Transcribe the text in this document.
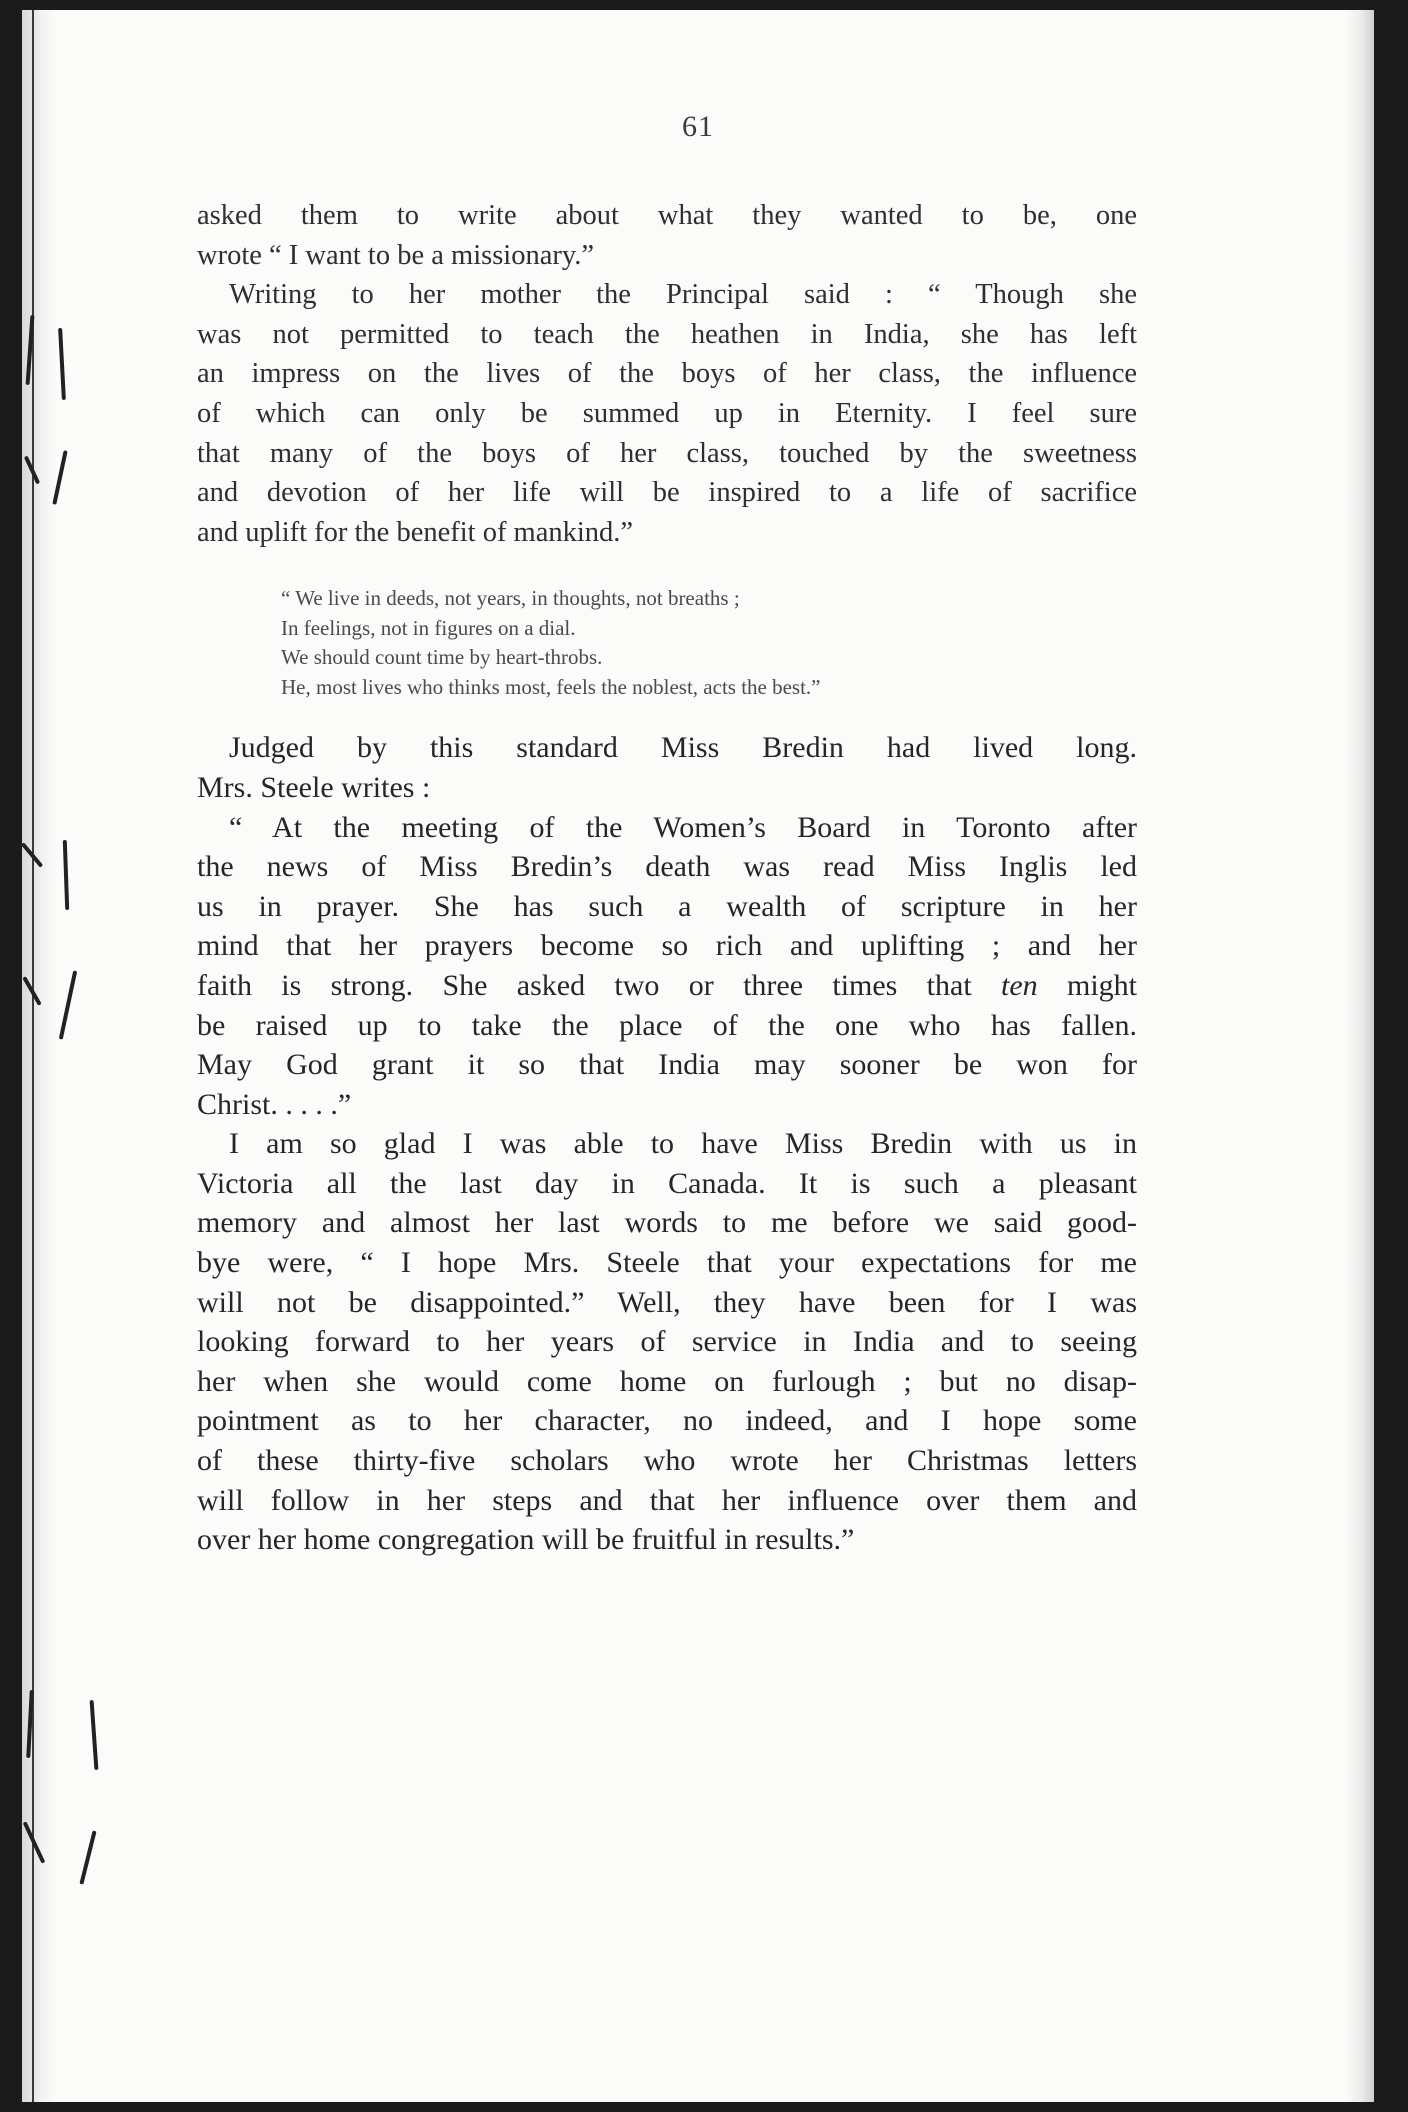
61

asked them to write about what they wanted to be, one
wrote “ I want to be a missionary.”

Writing to her mother the Principal said : “ Though she
was not permitted to teach the heathen in India, she has left
an impress on the lives of the boys of her class, the influence
of which can only be summed up in Eternity. I feel sure
that many of the boys of her class, touched by the sweetness
and devotion of her life will be inspired to a life of sacrifice
and uplift for the benefit of mankind.”

“ We live in deeds, not years, in thoughts, not breaths ;
In feelings, not in figures on a dial.
We should count time by heart-throbs.
He, most lives who thinks most, feels the noblest, acts the best.”

Judged by this standard Miss Bredin had lived long.
Mrs. Steele writes :

“ At the meeting of the Women’s Board in Toronto after
the news of Miss Bredin’s death was read Miss Inglis led
us in prayer. She has such a wealth of scripture in her
mind that her prayers become so rich and uplifting ; and her
faith is strong. She asked two or three times that ten might
be raised up to take the place of the one who has fallen.
May God grant it so that India may sooner be won for
Christ. . . . .”

I am so glad I was able to have Miss Bredin with us in
Victoria all the last day in Canada. It is such a pleasant
memory and almost her last words to me before we said good-
bye were, “ I hope Mrs. Steele that your expectations for me
will not be disappointed.” Well, they have been for I was
looking forward to her years of service in India and to seeing
her when she would come home on furlough ; but no disap-
pointment as to her character, no indeed, and I hope some
of these thirty-five scholars who wrote her Christmas letters
will follow in her steps and that her influence over them and
over her home congregation will be fruitful in results.”
